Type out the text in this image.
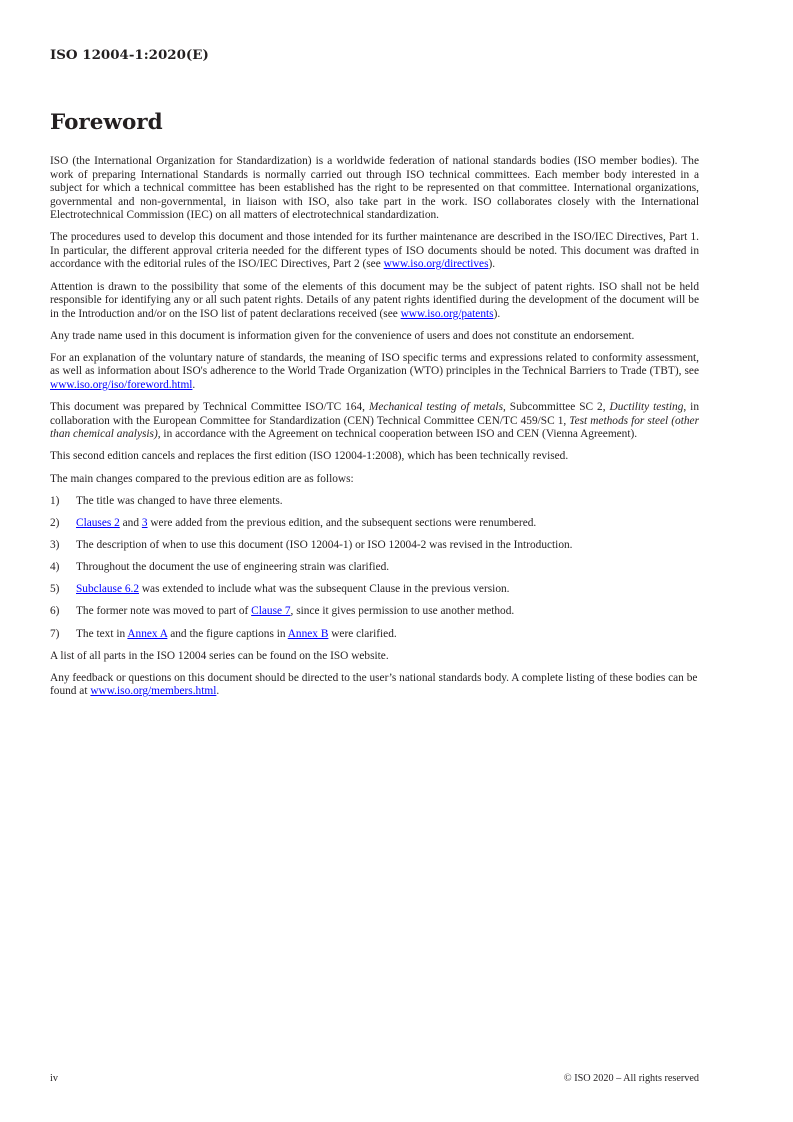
ISO 12004-1:2020(E)
Foreword

ISO (the International Organization for Standardization) is a worldwide federation of national standards bodies (ISO member bodies). The work of preparing International Standards is normally carried out through ISO technical committees. Each member body interested in a subject for which a technical committee has been established has the right to be represented on that committee. International organizations, governmental and non-governmental, in liaison with ISO, also take part in the work. ISO collaborates closely with the International Electrotechnical Commission (IEC) on all matters of electrotechnical standardization.

The procedures used to develop this document and those intended for its further maintenance are described in the ISO/IEC Directives, Part 1. In particular, the different approval criteria needed for the different types of ISO documents should be noted. This document was drafted in accordance with the editorial rules of the ISO/IEC Directives, Part 2 (see www.iso.org/directives).

Attention is drawn to the possibility that some of the elements of this document may be the subject of patent rights. ISO shall not be held responsible for identifying any or all such patent rights. Details of any patent rights identified during the development of the document will be in the Introduction and/or on the ISO list of patent declarations received (see www.iso.org/patents).

Any trade name used in this document is information given for the convenience of users and does not constitute an endorsement.

For an explanation of the voluntary nature of standards, the meaning of ISO specific terms and expressions related to conformity assessment, as well as information about ISO's adherence to the World Trade Organization (WTO) principles in the Technical Barriers to Trade (TBT), see www.iso.org/iso/foreword.html.

This document was prepared by Technical Committee ISO/TC 164, Mechanical testing of metals, Subcommittee SC 2, Ductility testing, in collaboration with the European Committee for Standardization (CEN) Technical Committee CEN/TC 459/SC 1, Test methods for steel (other than chemical analysis), in accordance with the Agreement on technical cooperation between ISO and CEN (Vienna Agreement).

This second edition cancels and replaces the first edition (ISO 12004-1:2008), which has been technically revised.

The main changes compared to the previous edition are as follows:

1)	The title was changed to have three elements.
2)	Clauses 2 and 3 were added from the previous edition, and the subsequent sections were renumbered.
3)	The description of when to use this document (ISO 12004-1) or ISO 12004-2 was revised in the Introduction.
4)	Throughout the document the use of engineering strain was clarified.
5)	Subclause 6.2 was extended to include what was the subsequent Clause in the previous version.
6)	The former note was moved to part of Clause 7, since it gives permission to use another method.
7)	The text in Annex A and the figure captions in Annex B were clarified.

A list of all parts in the ISO 12004 series can be found on the ISO website.

Any feedback or questions on this document should be directed to the user’s national standards body. A complete listing of these bodies can be found at www.iso.org/members.html.

iv	© ISO 2020 – All rights reserved
